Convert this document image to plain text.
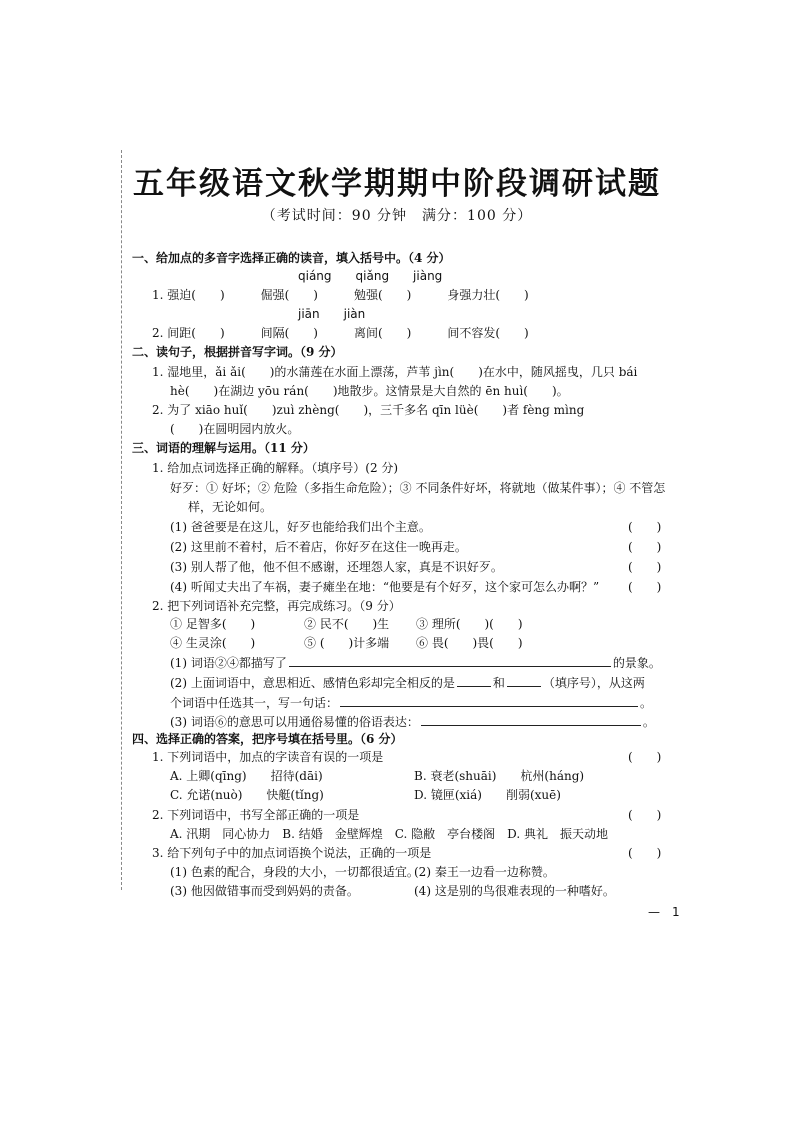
五年级语文秋学期期中阶段调研试题
（考试时间：90 分钟　满分：100 分）
一、给加点的多音字选择正确的读音，填入括号中。（4 分）
qiáng　　qiǎng　　jiàng
1. 强迫(　　)　　　倔强(　　)　　　勉强(　　)　　　身强力壮(　　)
jiān　　jiàn
2. 间距(　　)　　　间隔(　　)　　　离间(　　)　　　间不容发(　　)
二、读句子，根据拼音写字词。（9 分）
1. 湿地里，ǎi ǎi(　　)的水蒲莲在水面上漂荡，芦苇 jìn(　　)在水中，随风摇曳，几只 bái
hè(　　)在湖边 yōu rán(　　)地散步。这情景是大自然的 ēn huì(　　)。
2. 为了 xiāo huǐ(　　)zuì zhèng(　　)，三千多名 qīn lüè(　　)者 fèng mìng
(　　)在圆明园内放火。
三、词语的理解与运用。（11 分）
1. 给加点词选择正确的解释。（填序号）(2 分)
好歹：① 好坏；② 危险（多指生命危险）；③ 不同条件好坏，将就地（做某件事）；④ 不管怎
样，无论如何。
(1) 爸爸要是在这儿，好歹也能给我们出个主意。	(　　)
(2) 这里前不着村，后不着店，你好歹在这住一晚再走。	(　　)
(3) 别人帮了他，他不但不感谢，还埋怨人家，真是不识好歹。	(　　)
(4) 听闻丈夫出了车祸，妻子瘫坐在地：“他要是有个好歹，这个家可怎么办啊？” (　　)
2. 把下列词语补充完整，再完成练习。（9 分）
① 足智多(　　)	② 民不(　　)生 ③ 理所(　　)(　　)
④ 生灵涂(　　)	⑤ (　　)计多端 ⑥ 畏(　　)畏(　　)
(1) 词语②④都描写了	的景象。
(2) 上面词语中，意思相近、感情色彩却完全相反的是	和	（填序号），从这两
个词语中任选其一，写一句话：	。
(3) 词语⑥的意思可以用通俗易懂的俗语表达：	。
四、选择正确的答案，把序号填在括号里。（6 分）
1. 下列词语中，加点的字读音有误的一项是	(　　)
A. 上卿(qīng)　　招待(dāi)	B. 衰老(shuāi)　　杭州(háng)
C. 允诺(nuò)　　快艇(tǐng)	D. 镜匣(xiá)　　削弱(xuē)
2. 下列词语中，书写全部正确的一项是	(　　)
A. 汛期　同心协力　B. 结婚　金壁辉煌　C. 隐敝　亭台楼阁　D. 典礼　振天动地
3. 给下列句子中的加点词语换个说法，正确的一项是	(　　)
(1) 色素的配合，身段的大小，一切都很适宜。
(2) 秦王一边看一边称赞。
(3) 他因做错事而受到妈妈的责备。	(4) 这是别的鸟很难表现的一种嗜好。
—　1
